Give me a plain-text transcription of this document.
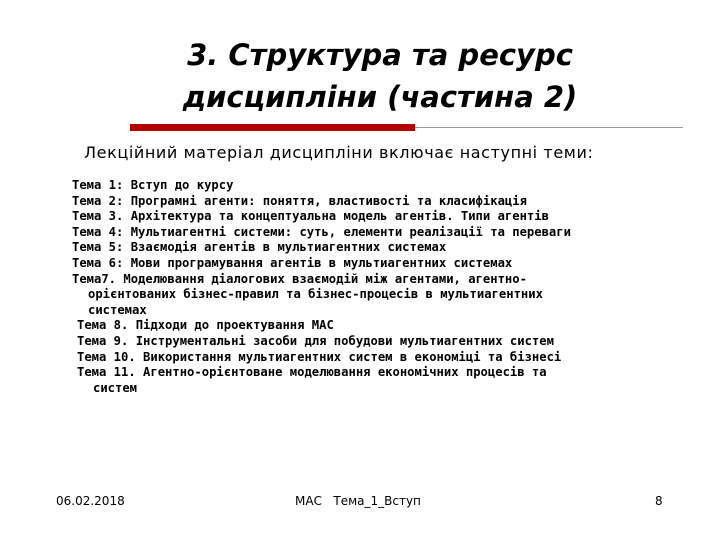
3. Структура та ресурс
дисципліни (частина 2)
Лекційний матеріал дисципліни включає наступні теми:
Тема 1: Вступ до курсу
Тема 2: Програмні агенти: поняття, властивості та класифікація
Тема 3. Архітектура та концептуальна модель агентів. Типи агентів
Тема 4: Мультиагентні системи: суть, елементи реалізації та переваги
Тема 5: Взаємодія агентів в мультиагентних системах
Тема 6: Мови програмування агентів в мультиагентних системах
Тема7. Моделювання діалогових взаємодій між агентами, агентно-
орієнтованих бізнес-правил та бізнес-процесів в мультиагентних
системах
Тема 8. Підходи до проектування МАС
Тема 9. Інструментальні засоби для побудови мультиагентних систем
Тема 10. Використання мультиагентних систем в економіці та бізнесі
Тема 11. Агентно-орієнтоване моделювання економічних процесів та
систем
06.02.2018	МАС   Тема_1_Вступ	8
